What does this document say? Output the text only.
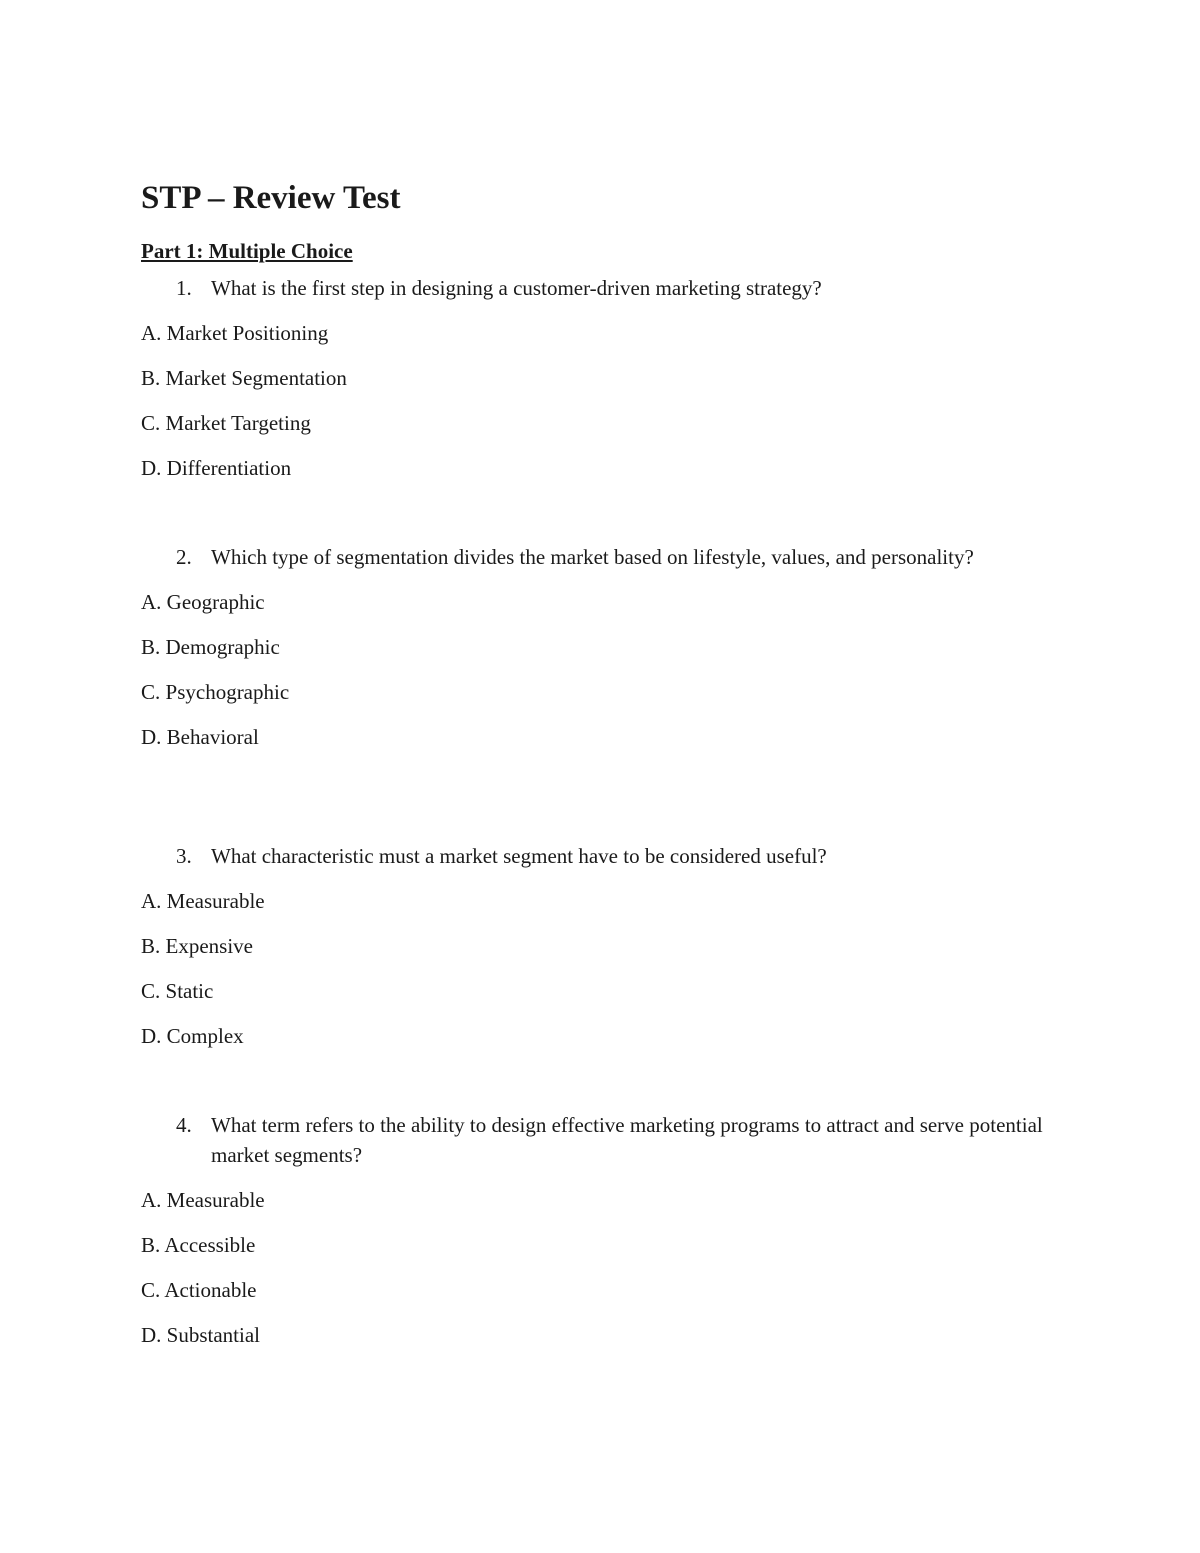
STP – Review Test
Part 1: Multiple Choice
1. What is the first step in designing a customer-driven marketing strategy?
A. Market Positioning
B. Market Segmentation
C. Market Targeting
D. Differentiation
2. Which type of segmentation divides the market based on lifestyle, values, and personality?
A. Geographic
B. Demographic
C. Psychographic
D. Behavioral
3. What characteristic must a market segment have to be considered useful?
A. Measurable
B. Expensive
C. Static
D. Complex
4. What term refers to the ability to design effective marketing programs to attract and serve potential market segments?
A. Measurable
B. Accessible
C. Actionable
D. Substantial
